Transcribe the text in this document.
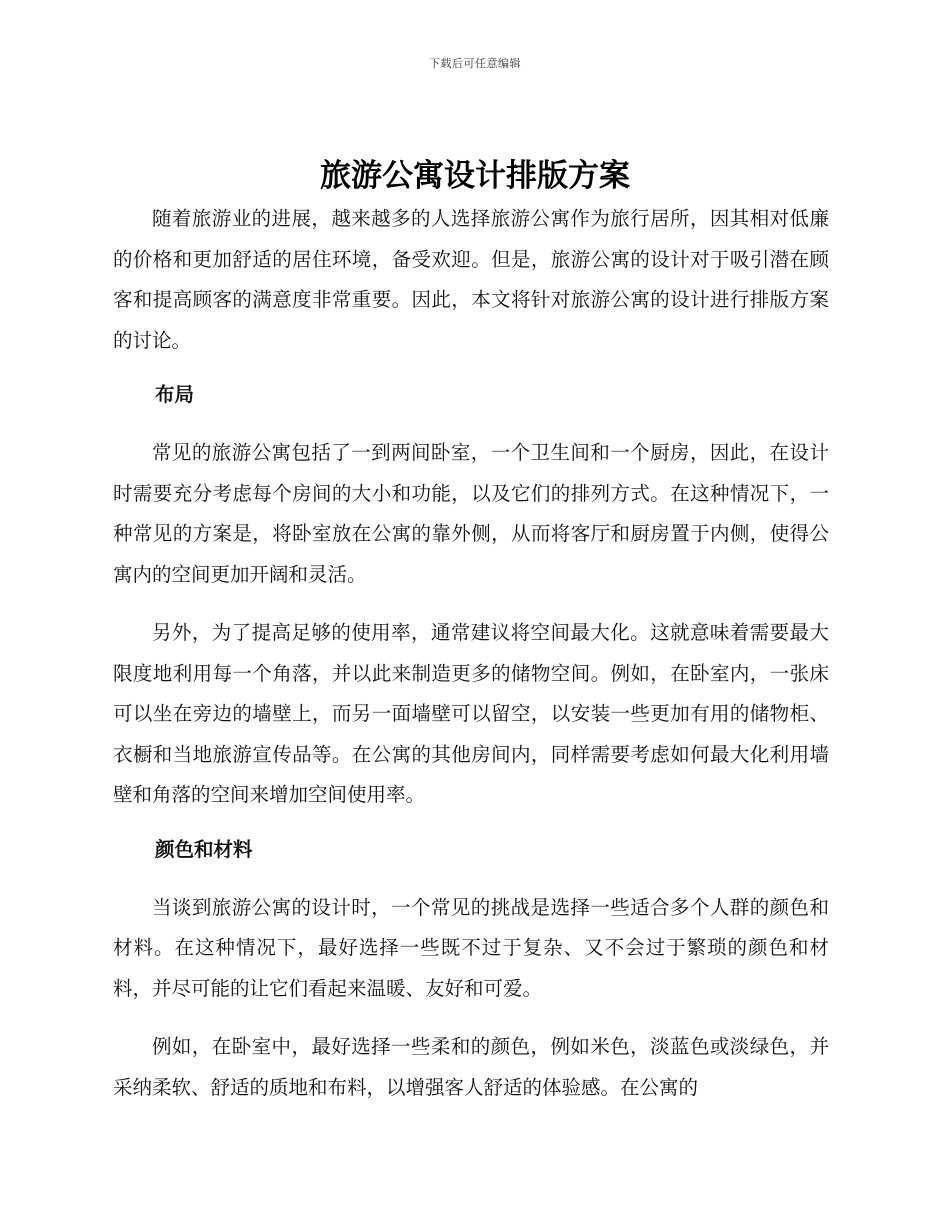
下载后可任意编辑
旅游公寓设计排版方案

随着旅游业的进展，越来越多的人选择旅游公寓作为旅行居所，因其相对低廉的价格和更加舒适的居住环境，备受欢迎。但是，旅游公寓的设计对于吸引潜在顾客和提高顾客的满意度非常重要。因此，本文将针对旅游公寓的设计进行排版方案的讨论。

布局

常见的旅游公寓包括了一到两间卧室，一个卫生间和一个厨房，因此，在设计时需要充分考虑每个房间的大小和功能，以及它们的排列方式。在这种情况下，一种常见的方案是，将卧室放在公寓的靠外侧，从而将客厅和厨房置于内侧，使得公寓内的空间更加开阔和灵活。

另外，为了提高足够的使用率，通常建议将空间最大化。这就意味着需要最大限度地利用每一个角落，并以此来制造更多的储物空间。例如，在卧室内，一张床可以坐在旁边的墙壁上，而另一面墙壁可以留空，以安装一些更加有用的储物柜、衣橱和当地旅游宣传品等。在公寓的其他房间内，同样需要考虑如何最大化利用墙壁和角落的空间来增加空间使用率。

颜色和材料

当谈到旅游公寓的设计时，一个常见的挑战是选择一些适合多个人群的颜色和材料。在这种情况下，最好选择一些既不过于复杂、又不会过于繁琐的颜色和材料，并尽可能的让它们看起来温暖、友好和可爱。

例如，在卧室中，最好选择一些柔和的颜色，例如米色，淡蓝色或淡绿色，并采纳柔软、舒适的质地和布料，以增强客人舒适的体验感。在公寓的
